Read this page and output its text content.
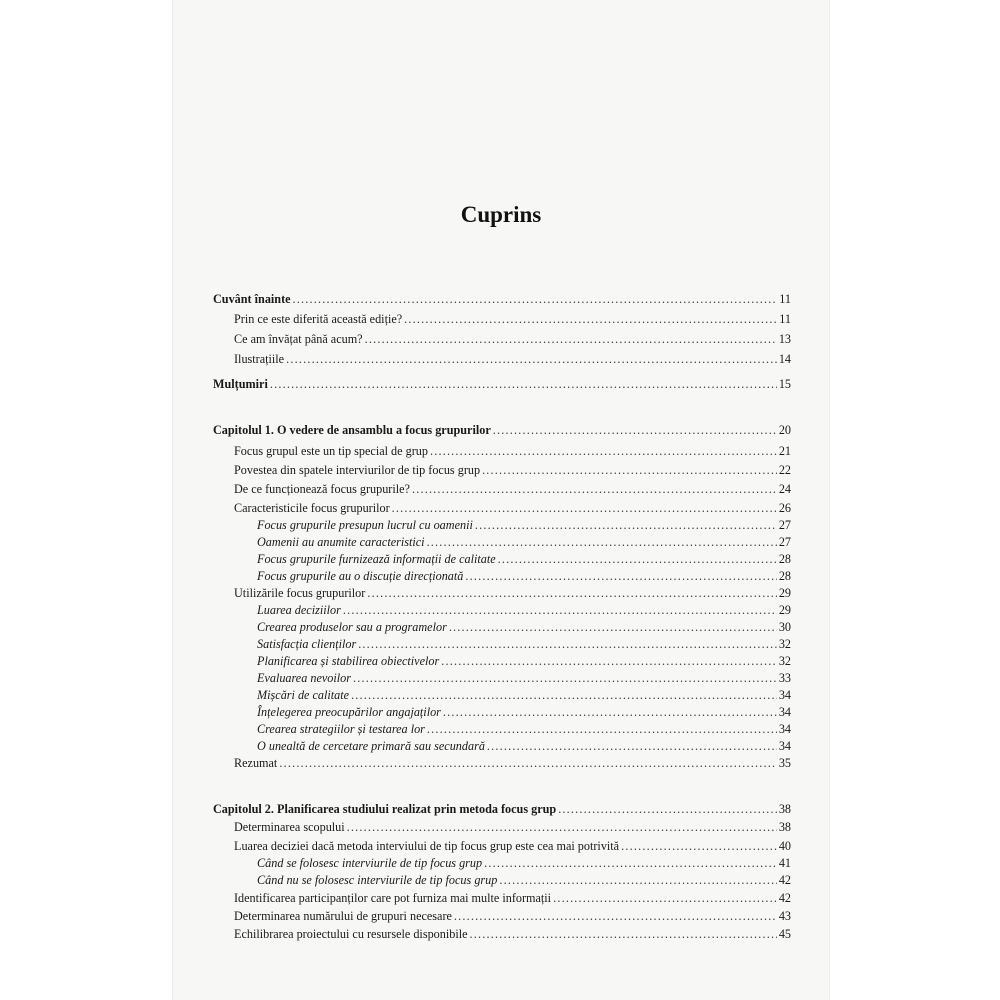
Cuprins
Cuvânt înainte .....	11
Prin ce este diferită această ediție? .....	11
Ce am învățat până acum? .....	13
Ilustrațiile .....	14
Mulțumiri .....	15
Capitolul 1. O vedere de ansamblu a focus grupurilor .....	20
Focus grupul este un tip special de grup .....	21
Povestea din spatele interviurilor de tip focus grup .....	22
De ce funcționează focus grupurile? .....	24
Caracteristicile focus grupurilor .....	26
Focus grupurile presupun lucrul cu oamenii .....	27
Oamenii au anumite caracteristici .....	27
Focus grupurile furnizează informații de calitate .....	28
Focus grupurile au o discuție direcționată .....	28
Utilizările focus grupurilor .....	29
Luarea deciziilor .....	29
Crearea produselor sau a programelor .....	30
Satisfacția clienților .....	32
Planificarea și stabilirea obiectivelor .....	32
Evaluarea nevoilor .....	33
Mișcări de calitate .....	34
Înțelegerea preocupărilor angajaților .....	34
Crearea strategiilor și testarea lor .....	34
O unealtă de cercetare primară sau secundară .....	34
Rezumat .....	35
Capitolul 2. Planificarea studiului realizat prin metoda focus grup .....	38
Determinarea scopului .....	38
Luarea deciziei dacă metoda interviului de tip focus grup este cea mai potrivită .....	40
Când se folosesc interviurile de tip focus grup .....	41
Când nu se folosesc interviurile de tip focus grup .....	42
Identificarea participanților care pot furniza mai multe informații .....	42
Determinarea numărului de grupuri necesare .....	43
Echilibrarea proiectului cu resursele disponibile .....	45
